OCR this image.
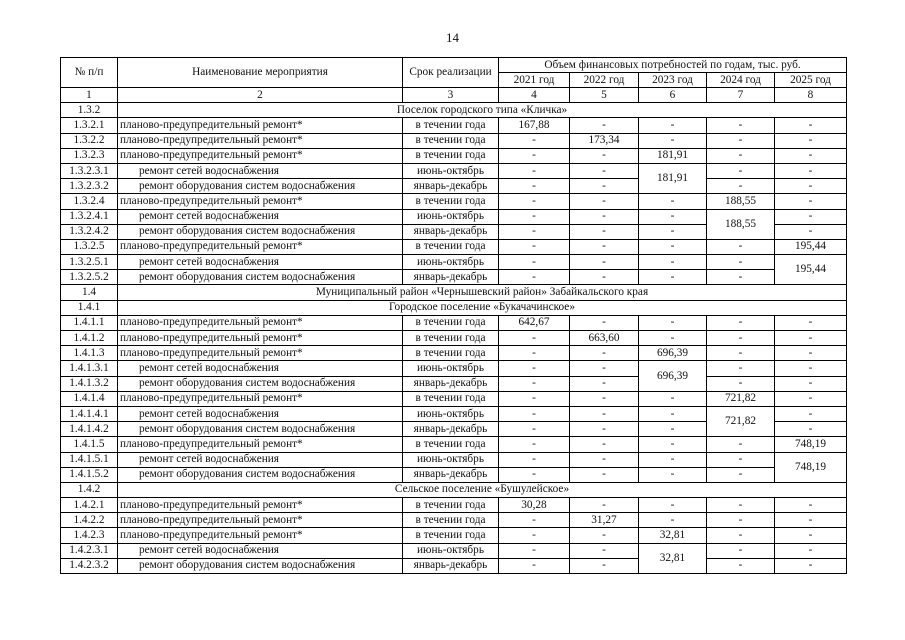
14
№ п/п	Наименование мероприятия	Срок реализации	Объем финансовых потребностей по годам, тыс. руб.				
			2021 год	2022 год	2023 год	2024 год	2025 год
1	2	3	4	5	6	7	8
1.3.2	Поселок городского типа «Кличка»						
1.3.2.1	планово-предупредительный ремонт*	в течении года	167,88	-	-	-	-
1.3.2.2	планово-предупредительный ремонт*	в течении года	-	173,34	-	-	-
1.3.2.3	планово-предупредительный ремонт*	в течении года	-	-	181,91	-	-
1.3.2.3.1	ремонт сетей водоснабжения	июнь-октябрь	-	-	181,91	-	-
1.3.2.3.2	ремонт оборудования систем водоснабжения	январь-декабрь	-	-		-	-
1.3.2.4	планово-предупредительный ремонт*	в течении года	-	-	-	188,55	-
1.3.2.4.1	ремонт сетей водоснабжения	июнь-октябрь	-	-	-	188,55	-
1.3.2.4.2	ремонт оборудования систем водоснабжения	январь-декабрь	-	-	-		-
1.3.2.5	планово-предупредительный ремонт*	в течении года	-	-	-	-	195,44
1.3.2.5.1	ремонт сетей водоснабжения	июнь-октябрь	-	-	-	-	195,44
1.3.2.5.2	ремонт оборудования систем водоснабжения	январь-декабрь	-	-	-	-	
1.4	Муниципальный район «Чернышевский район» Забайкальского края						
1.4.1	Городское поселение «Букачачинское»						
1.4.1.1	планово-предупредительный ремонт*	в течении года	642,67	-	-	-	-
1.4.1.2	планово-предупредительный ремонт*	в течении года	-	663,60	-	-	-
1.4.1.3	планово-предупредительный ремонт*	в течении года	-	-	696,39	-	-
1.4.1.3.1	ремонт сетей водоснабжения	июнь-октябрь	-	-	696,39	-	-
1.4.1.3.2	ремонт оборудования систем водоснабжения	январь-декабрь	-	-		-	-
1.4.1.4	планово-предупредительный ремонт*	в течении года	-	-	-	721,82	-
1.4.1.4.1	ремонт сетей водоснабжения	июнь-октябрь	-	-	-	721,82	-
1.4.1.4.2	ремонт оборудования систем водоснабжения	январь-декабрь	-	-	-		-
1.4.1.5	планово-предупредительный ремонт*	в течении года	-	-	-	-	748,19
1.4.1.5.1	ремонт сетей водоснабжения	июнь-октябрь	-	-	-	-	748,19
1.4.1.5.2	ремонт оборудования систем водоснабжения	январь-декабрь	-	-	-	-	
1.4.2	Сельское поселение «Бушулейское»						
1.4.2.1	планово-предупредительный ремонт*	в течении года	30,28	-	-	-	-
1.4.2.2	планово-предупредительный ремонт*	в течении года	-	31,27	-	-	-
1.4.2.3	планово-предупредительный ремонт*	в течении года	-	-	32,81	-	-
1.4.2.3.1	ремонт сетей водоснабжения	июнь-октябрь	-	-	32,81	-	-
1.4.2.3.2	ремонт оборудования систем водоснабжения	январь-декабрь	-	-		-	-
